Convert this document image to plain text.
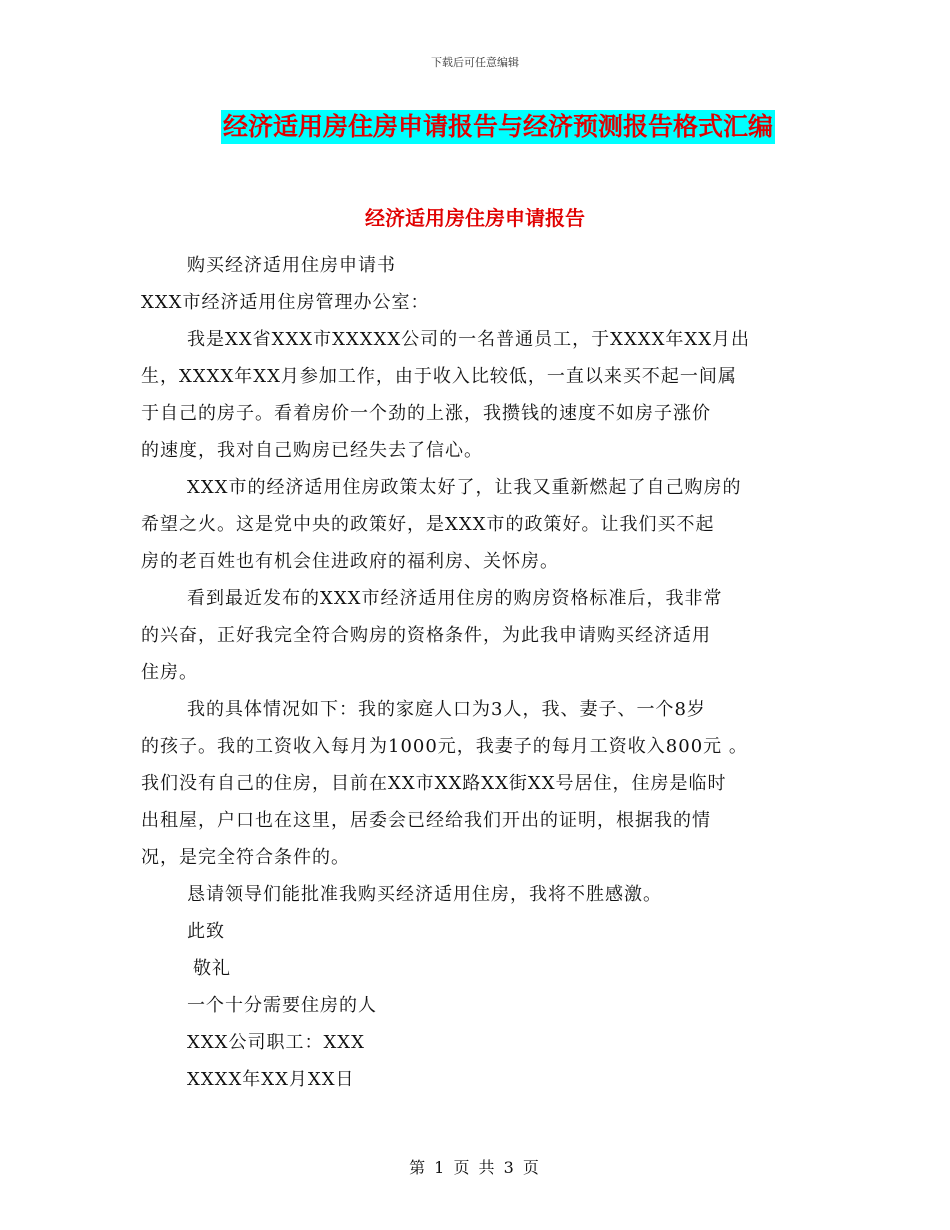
下载后可任意编辑
经济适用房住房申请报告与经济预测报告格式汇编
经济适用房住房申请报告
购买经济适用住房申请书
XXX市经济适用住房管理办公室：
我是XX省XXX市XXXXX公司的一名普通员工，于XXXX年XX月出
生，XXXX年XX月参加工作，由于收入比较低，一直以来买不起一间属
于自己的房子。看着房价一个劲的上涨，我攒钱的速度不如房子涨价
的速度，我对自己购房已经失去了信心。
XXX市的经济适用住房政策太好了，让我又重新燃起了自己购房的
希望之火。这是党中央的政策好，是XXX市的政策好。让我们买不起
房的老百姓也有机会住进政府的福利房、关怀房。
看到最近发布的XXX市经济适用住房的购房资格标准后，我非常
的兴奋，正好我完全符合购房的资格条件，为此我申请购买经济适用
住房。
我的具体情况如下：我的家庭人口为3人，我、妻子、一个8岁
的孩子。我的工资收入每月为1000元，我妻子的每月工资收入800元 。
我们没有自己的住房，目前在XX市XX路XX街XX号居住，住房是临时
出租屋，户口也在这里，居委会已经给我们开出的证明，根据我的情
况，是完全符合条件的。
恳请领导们能批准我购买经济适用住房，我将不胜感激。
此致
敬礼
一个十分需要住房的人
XXX公司职工：XXX
XXXX年XX月XX日
第 1 页 共 3 页
